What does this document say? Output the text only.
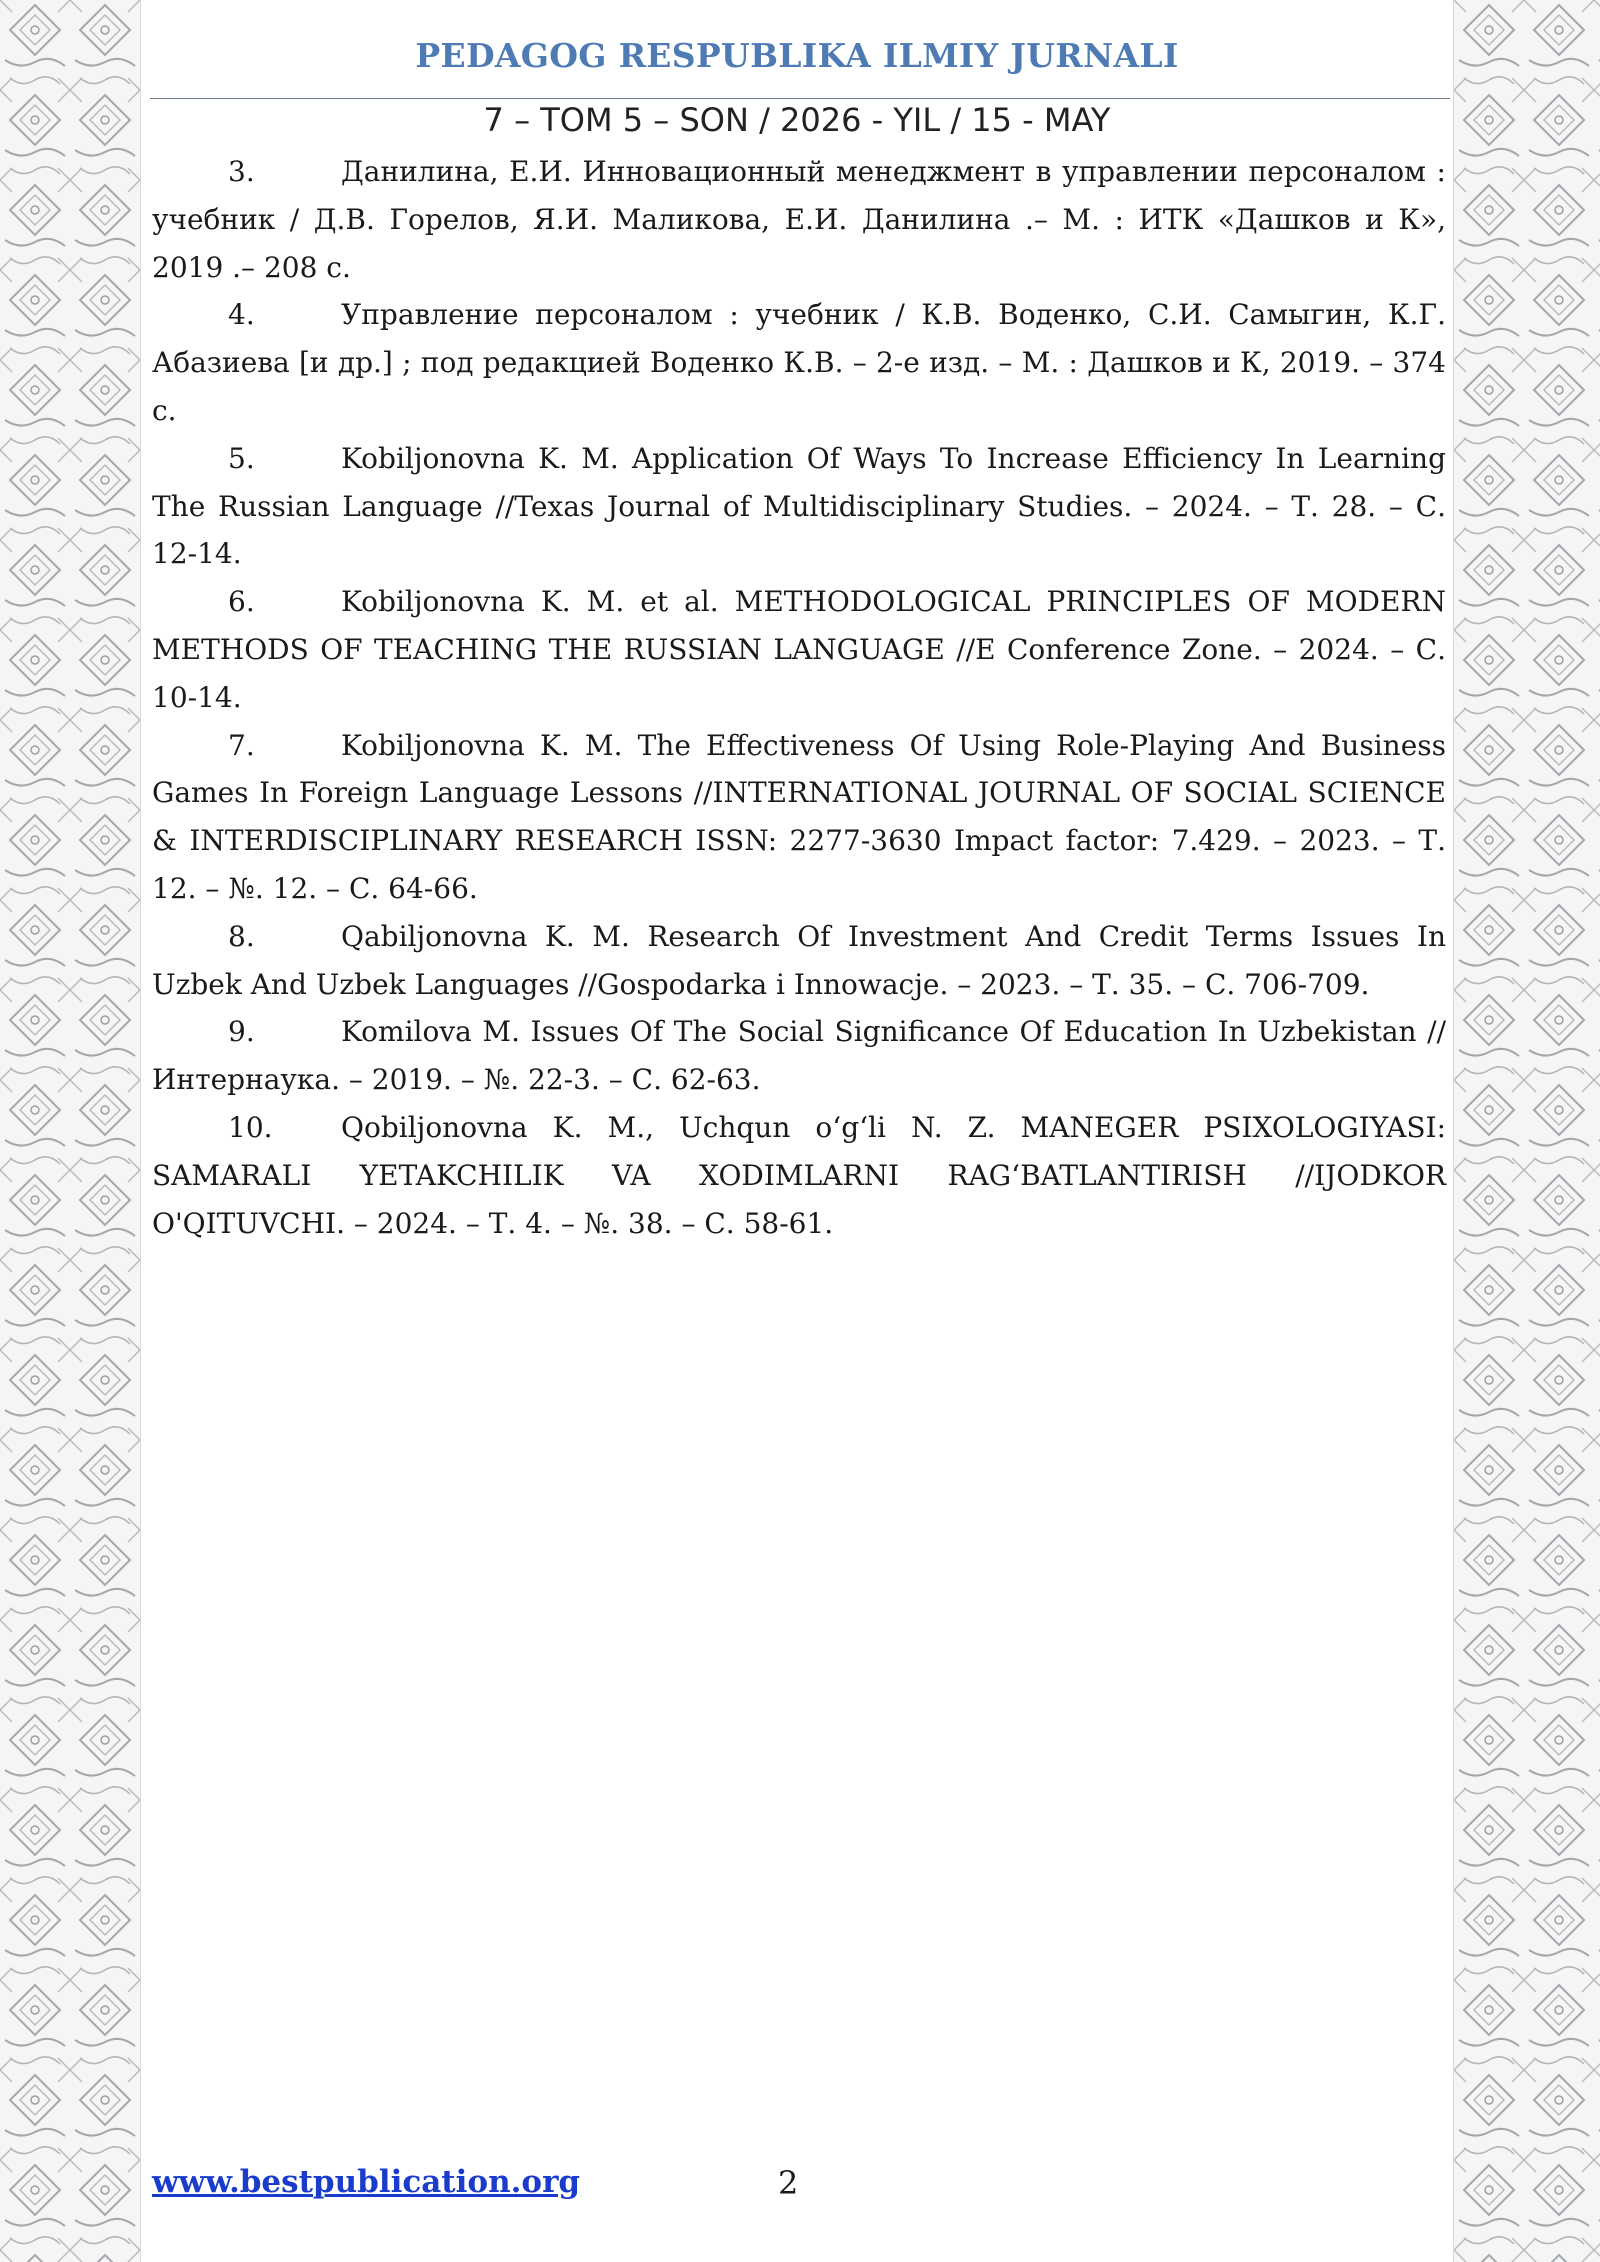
PEDAGOG RESPUBLIKA ILMIY JURNALI
7 – TOM 5 – SON / 2026 - YIL / 15 - MAY

3.	Данилина, Е.И. Инновационный менеджмент в управлении персоналом : учебник / Д.В. Горелов, Я.И. Маликова, Е.И. Данилина .– М. : ИТК «Дашков и К», 2019 .– 208 с.

4.	Управление персоналом : учебник / К.В. Воденко, С.И. Самыгин, К.Г. Абазиева [и др.] ; под редакцией Воденко К.В. – 2-е изд. – М. : Дашков и К, 2019. – 374 с.

5.	Kobiljonovna K. M. Application Of Ways To Increase Efficiency In Learning The Russian Language //Texas Journal of Multidisciplinary Studies. – 2024. – Т. 28. – С. 12-14.

6.	Kobiljonovna K. M. et al. METHODOLOGICAL PRINCIPLES OF MODERN METHODS OF TEACHING THE RUSSIAN LANGUAGE //E Conference Zone. – 2024. – С. 10-14.

7.	Kobiljonovna K. M. The Effectiveness Of Using Role-Playing And Business Games In Foreign Language Lessons //INTERNATIONAL JOURNAL OF SOCIAL SCIENCE & INTERDISCIPLINARY RESEARCH ISSN: 2277-3630 Impact factor: 7.429. – 2023. – Т. 12. – №. 12. – С. 64-66.

8.	Qabiljonovna K. M. Research Of Investment And Credit Terms Issues In Uzbek And Uzbek Languages //Gospodarka i Innowacje. – 2023. – Т. 35. – С. 706-709.

9.	Komilova M. Issues Of The Social Significance Of Education In Uzbekistan //Интернаука. – 2019. – №. 22-3. – С. 62-63.

10. Qobiljonovna K. M., Uchqun o‘g‘li N. Z. MANEGER PSIXOLOGIYASI: SAMARALI YETAKCHILIK VA XODIMLARNI RAG‘BATLANTIRISH //IJODKOR O'QITUVCHI. – 2024. – Т. 4. – №. 38. – С. 58-61.

www.bestpublication.org	2
